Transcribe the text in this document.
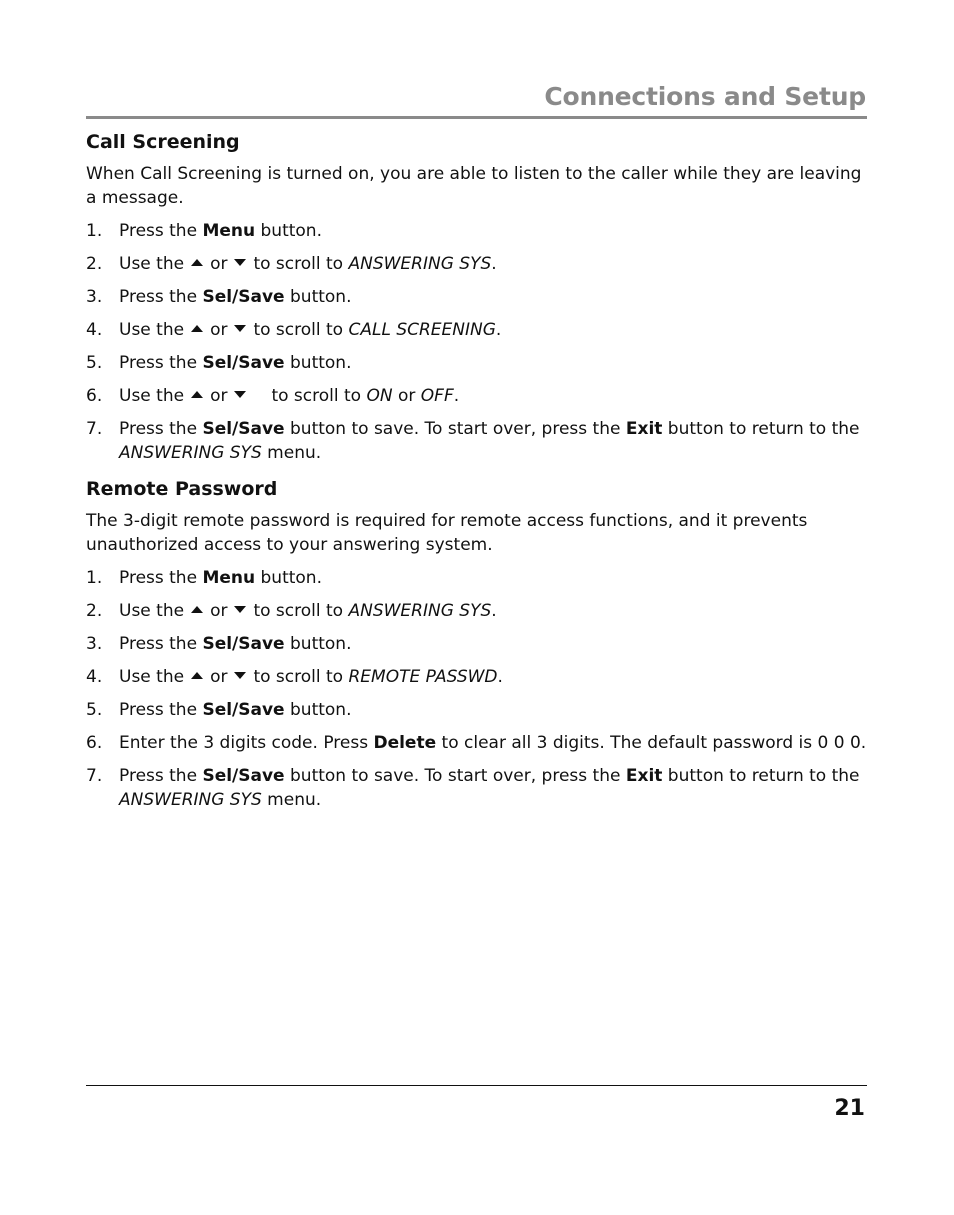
Connections and Setup
Call Screening

When Call Screening is turned on, you are able to listen to the caller while they are leaving a message.

1. Press the Menu button.
2. Use the or to scroll to ANSWERING SYS.
3. Press the Sel/Save button.
4. Use the or to scroll to CALL SCREENING.
5. Press the Sel/Save button.
6. Use the or	to scroll to ON or OFF.
7. Press the Sel/Save button to save. To start over, press the Exit button to return to the ANSWERING SYS menu.
Remote Password

The 3-digit remote password is required for remote access functions, and it prevents unauthorized access to your answering system.

1. Press the Menu button.
2. Use the or to scroll to ANSWERING SYS.
3. Press the Sel/Save button.
4. Use the or to scroll to REMOTE PASSWD.
5. Press the Sel/Save button.
6. Enter the 3 digits code. Press Delete to clear all 3 digits. The default password is 0 0 0.
7. Press the Sel/Save button to save. To start over, press the Exit button to return to the ANSWERING SYS menu.
21
